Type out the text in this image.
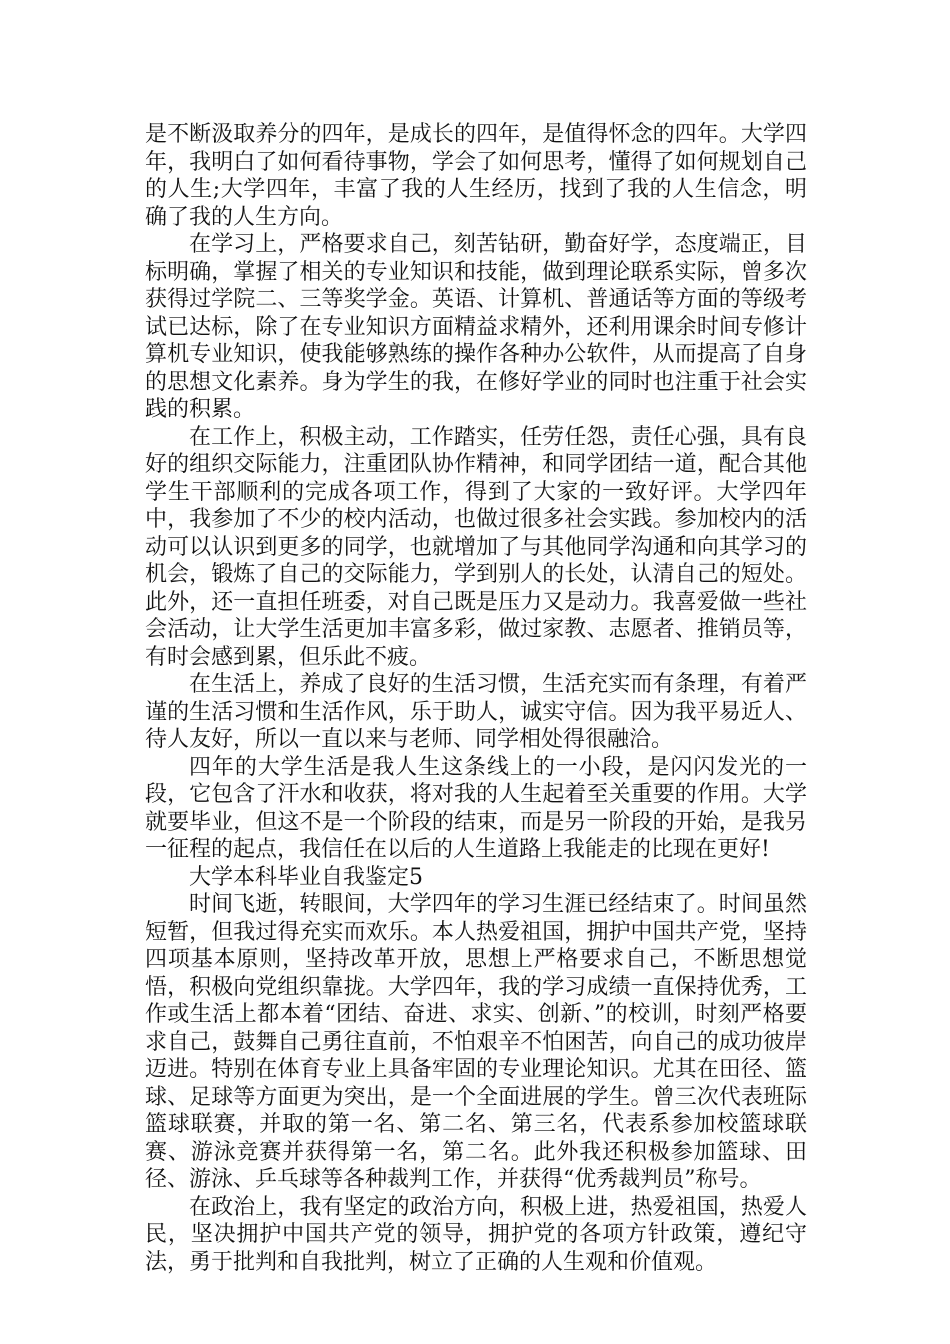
是不断汲取养分的四年，是成长的四年，是值得怀念的四年。大学四年，我明白了如何看待事物，学会了如何思考，懂得了如何规划自己的人生;大学四年，丰富了我的人生经历，找到了我的人生信念，明确了我的人生方向。

在学习上，严格要求自己，刻苦钻研，勤奋好学，态度端正，目标明确，掌握了相关的专业知识和技能，做到理论联系实际，曾多次获得过学院二、三等奖学金。英语、计算机、普通话等方面的等级考试已达标，除了在专业知识方面精益求精外，还利用课余时间专修计算机专业知识，使我能够熟练的操作各种办公软件，从而提高了自身的思想文化素养。身为学生的我，在修好学业的同时也注重于社会实践的积累。

在工作上，积极主动，工作踏实，任劳任怨，责任心强，具有良好的组织交际能力，注重团队协作精神，和同学团结一道，配合其他学生干部顺利的完成各项工作，得到了大家的一致好评。大学四年中，我参加了不少的校内活动，也做过很多社会实践。参加校内的活动可以认识到更多的同学，也就增加了与其他同学沟通和向其学习的机会，锻炼了自己的交际能力，学到别人的长处，认清自己的短处。此外，还一直担任班委，对自己既是压力又是动力。我喜爱做一些社会活动，让大学生活更加丰富多彩，做过家教、志愿者、推销员等，有时会感到累，但乐此不疲。

在生活上，养成了良好的生活习惯，生活充实而有条理，有着严谨的生活习惯和生活作风，乐于助人，诚实守信。因为我平易近人、待人友好，所以一直以来与老师、同学相处得很融洽。

四年的大学生活是我人生这条线上的一小段，是闪闪发光的一段，它包含了汗水和收获，将对我的人生起着至关重要的作用。大学就要毕业，但这不是一个阶段的结束，而是另一阶段的开始，是我另一征程的起点，我信任在以后的人生道路上我能走的比现在更好!

大学本科毕业自我鉴定5

时间飞逝，转眼间，大学四年的学习生涯已经结束了。时间虽然短暂，但我过得充实而欢乐。本人热爱祖国，拥护中国共产党，坚持四项基本原则，坚持改革开放，思想上严格要求自己，不断思想觉悟，积极向党组织靠拢。大学四年，我的学习成绩一直保持优秀，工作或生活上都本着“团结、奋进、求实、创新、”的校训，时刻严格要求自己，鼓舞自己勇往直前，不怕艰辛不怕困苦，向自己的成功彼岸迈进。特别在体育专业上具备牢固的专业理论知识。尤其在田径、篮球、足球等方面更为突出，是一个全面进展的学生。曾三次代表班际篮球联赛，并取的第一名、第二名、第三名，代表系参加校篮球联赛、游泳竞赛并获得第一名，第二名。此外我还积极参加篮球、田径、游泳、乒乓球等各种裁判工作，并获得“优秀裁判员”称号。

在政治上，我有坚定的政治方向，积极上进，热爱祖国，热爱人民，坚决拥护中国共产党的领导，拥护党的各项方针政策，遵纪守法，勇于批判和自我批判，树立了正确的人生观和价值观。
